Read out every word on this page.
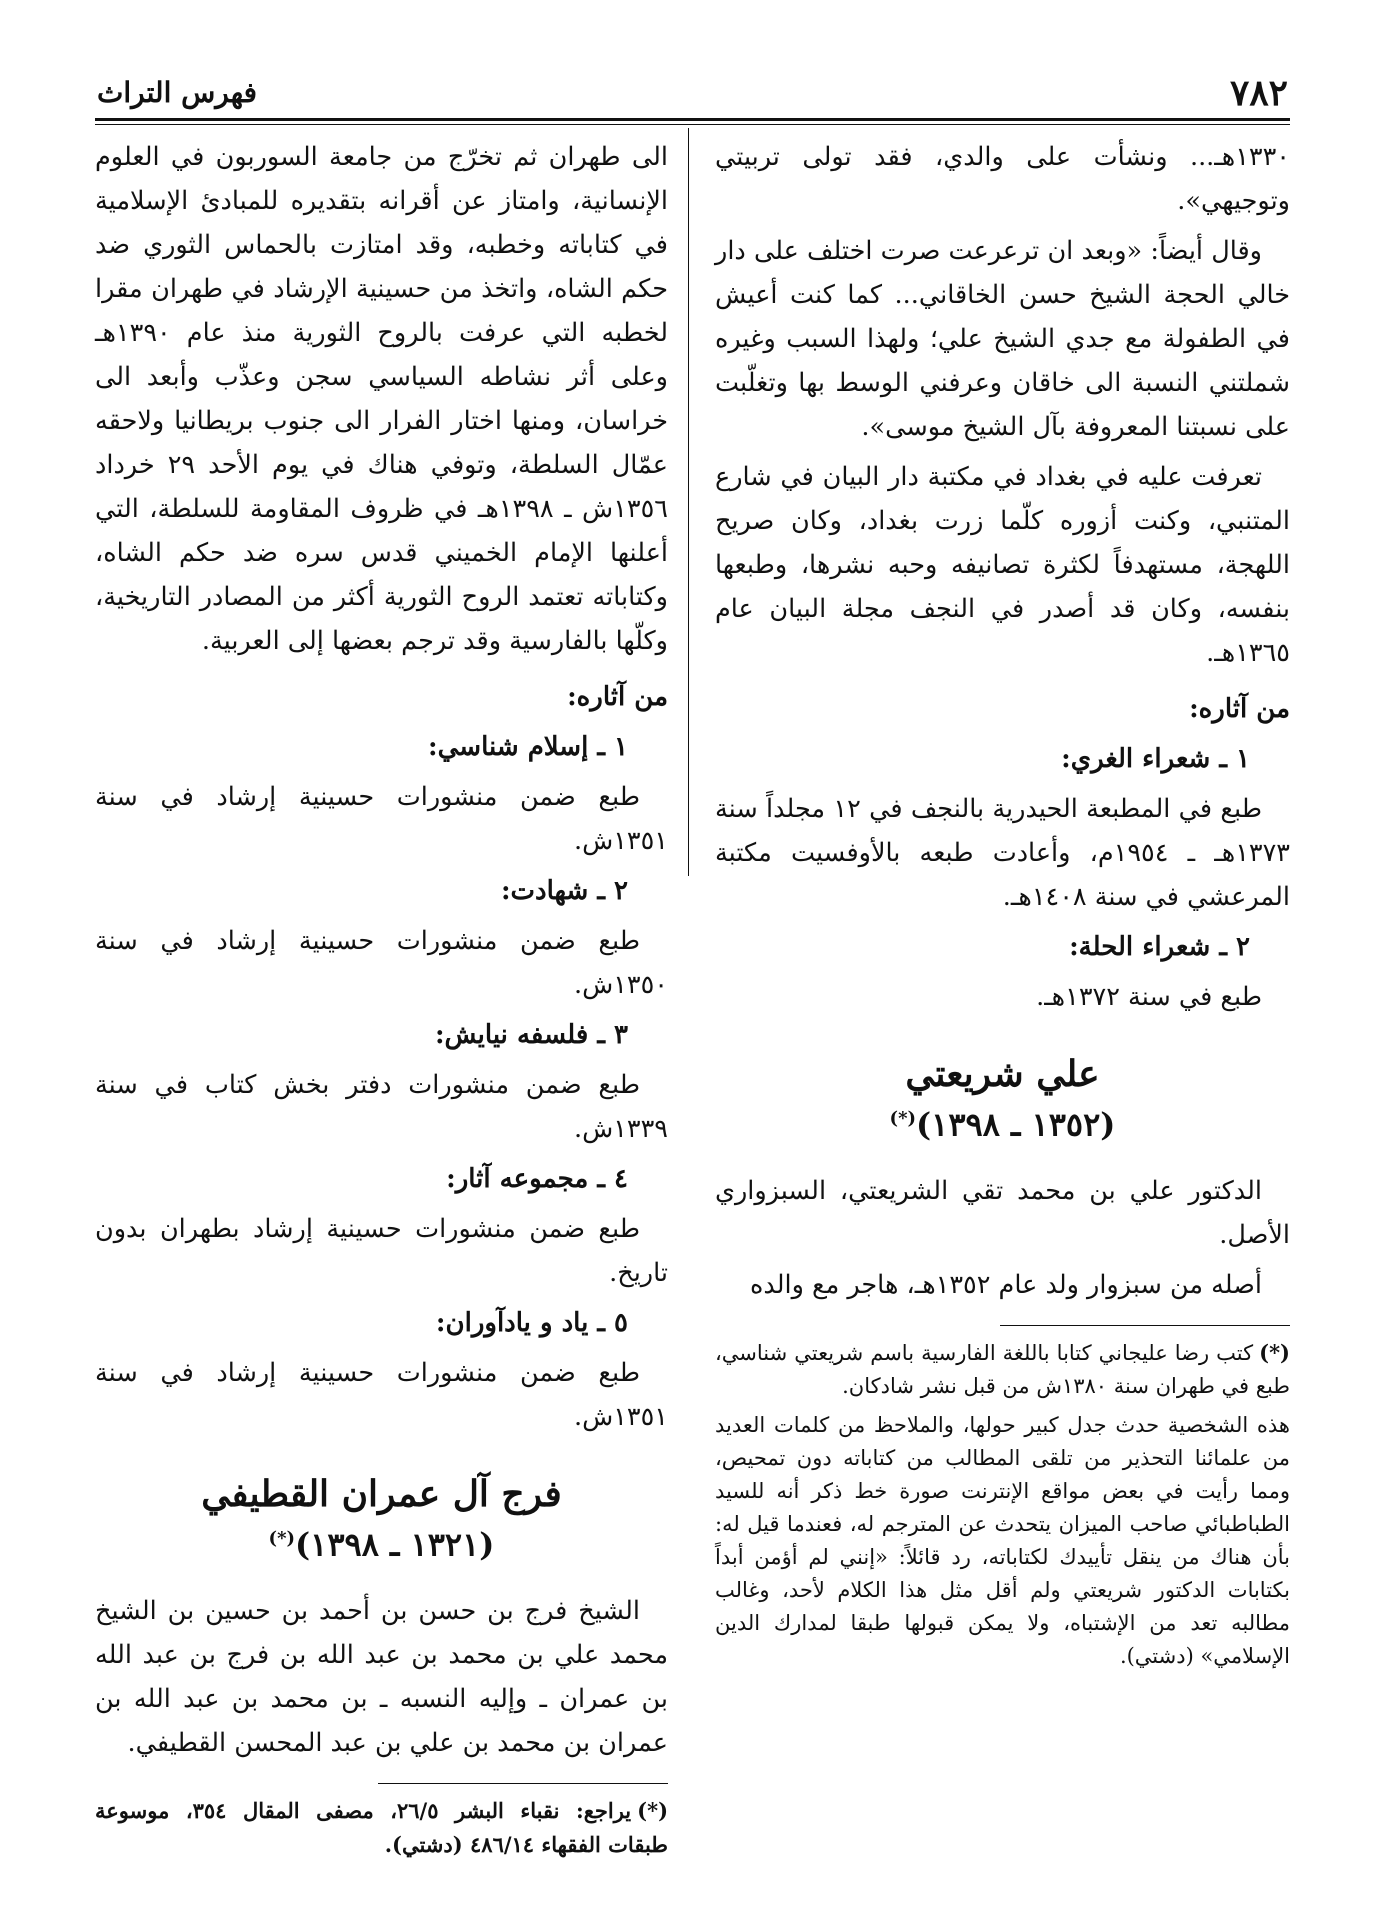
٧٨٢
فهرس التراث

١٣٣٠هـ... ونشأت على والدي، فقد تولى تربيتي وتوجيهي».

وقال أيضاً: «وبعد ان ترعرعت صرت اختلف على دار خالي الحجة الشيخ حسن الخاقاني... كما كنت أعيش في الطفولة مع جدي الشيخ علي؛ ولهذا السبب وغيره شملتني النسبة الى خاقان وعرفني الوسط بها وتغلّبت على نسبتنا المعروفة بآل الشيخ موسى».

تعرفت عليه في بغداد في مكتبة دار البيان في شارع المتنبي، وكنت أزوره كلّما زرت بغداد، وكان صريح اللهجة، مستهدفاً لكثرة تصانيفه وحبه نشرها، وطبعها بنفسه، وكان قد أصدر في النجف مجلة البيان عام ١٣٦٥هـ.

من آثاره:
١ ـ شعراء الغري:

طبع في المطبعة الحيدرية بالنجف في ١٢ مجلداً سنة ١٣٧٣هـ ـ ١٩٥٤م، وأعادت طبعه بالأوفسيت مكتبة المرعشي في سنة ١٤٠٨هـ.

٢ ـ شعراء الحلة:

طبع في سنة ١٣٧٢هـ.

علي شريعتي
(١٣٥٢ ـ ١٣٩٨)(*)

الدكتور علي بن محمد تقي الشريعتي، السبزواري الأصل.

أصله من سبزوار ولد عام ١٣٥٢هـ، هاجر مع والده

(*)كتب رضا عليجاني كتابا باللغة الفارسية باسم شريعتي شناسي، طبع في طهران سنة ١٣٨٠ش من قبل نشر شادكان.

هذه الشخصية حدث جدل كبير حولها، والملاحظ من كلمات العديد من علمائنا التحذير من تلقى المطالب من كتاباته دون تمحيص، ومما رأيت في بعض مواقع الإنترنت صورة خط ذكر أنه للسيد الطباطبائي صاحب الميزان يتحدث عن المترجم له، فعندما قيل له: بأن هناك من ينقل تأييدك لكتاباته، رد قائلاً: «إنني لم أؤمن أبداً بكتابات الدكتور شريعتي ولم أقل مثل هذا الكلام لأحد، وغالب مطالبه تعد من الإشتباه، ولا يمكن قبولها طبقا لمدارك الدين الإسلامي» (دشتي).

الى طهران ثم تخرّج من جامعة السوربون في العلوم الإنسانية، وامتاز عن أقرانه بتقديره للمبادئ الإسلامية في كتاباته وخطبه، وقد امتازت بالحماس الثوري ضد حكم الشاه، واتخذ من حسينية الإرشاد في طهران مقرا لخطبه التي عرفت بالروح الثورية منذ عام ١٣٩٠هـ وعلى أثر نشاطه السياسي سجن وعذّب وأبعد الى خراسان، ومنها اختار الفرار الى جنوب بريطانيا ولاحقه عمّال السلطة، وتوفي هناك في يوم الأحد ٢٩ خرداد ١٣٥٦ش ـ ١٣٩٨هـ في ظروف المقاومة للسلطة، التي أعلنها الإمام الخميني قدس سره ضد حكم الشاه، وكتاباته تعتمد الروح الثورية أكثر من المصادر التاريخية، وكلّها بالفارسية وقد ترجم بعضها إلى العربية.

من آثاره:
١ ـ إسلام شناسي:

طبع ضمن منشورات حسينية إرشاد في سنة ١٣٥١ش.

٢ ـ شهادت:

طبع ضمن منشورات حسينية إرشاد في سنة ١٣٥٠ش.

٣ ـ فلسفه نيايش:

طبع ضمن منشورات دفتر بخش كتاب في سنة ١٣٣٩ش.

٤ ـ مجموعه آثار:

طبع ضمن منشورات حسينية إرشاد بطهران بدون تاريخ.

٥ ـ ياد و يادآوران:

طبع ضمن منشورات حسينية إرشاد في سنة ١٣٥١ش.

فرج آل عمران القطيفي
(١٣٢١ ـ ١٣٩٨)(*)

الشيخ فرج بن حسن بن أحمد بن حسين بن الشيخ محمد علي بن محمد بن عبد الله بن فرج بن عبد الله بن عمران ـ وإليه النسبه ـ بن محمد بن عبد الله بن عمران بن محمد بن علي بن عبد المحسن القطيفي.

(*)يراجع: نقباء البشر ٢٦/٥، مصفى المقال ٣٥٤، موسوعة طبقات الفقهاء ٤٨٦/١٤ (دشتي).
